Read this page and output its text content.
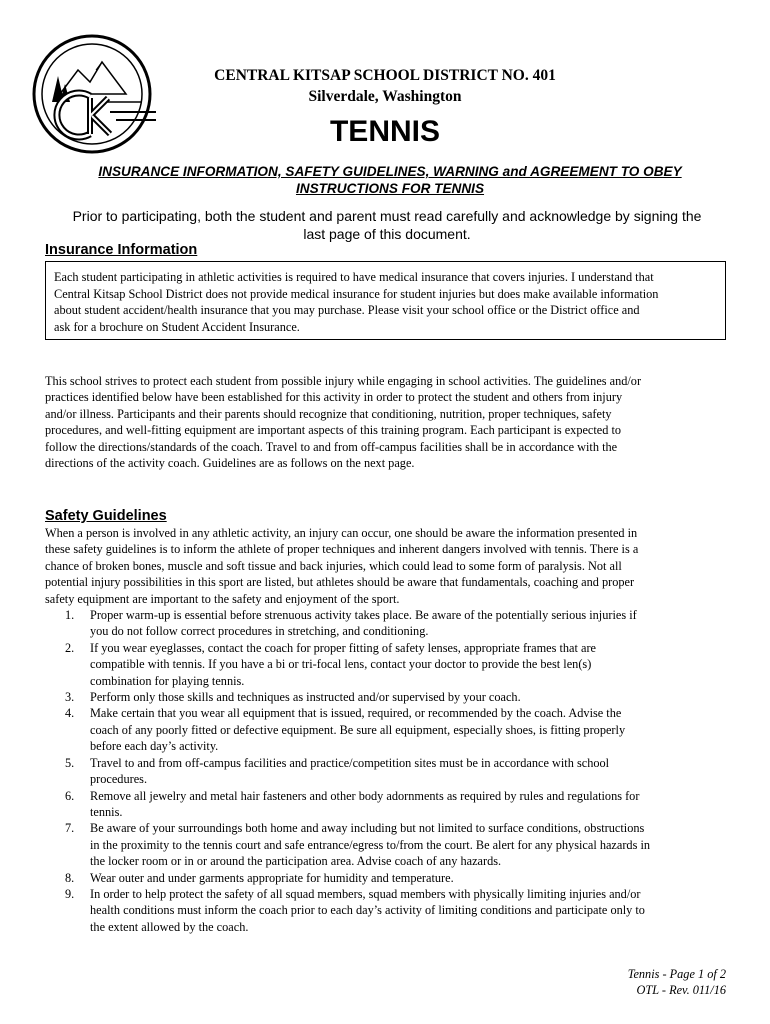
CENTRAL KITSAP SCHOOL DISTRICT NO. 401
Silverdale, Washington
TENNIS
INSURANCE INFORMATION, SAFETY GUIDELINES, WARNING and AGREEMENT TO OBEY
INSTRUCTIONS FOR TENNIS
Prior to participating, both the student and parent must read carefully and acknowledge by signing the
last page of this document.
Insurance Information
Each student participating in athletic activities is required to have medical insurance that covers injuries. I understand that
Central Kitsap School District does not provide medical insurance for student injuries but does make available information
about student accident/health insurance that you may purchase. Please visit your school office or the District office and
ask for a brochure on Student Accident Insurance.
This school strives to protect each student from possible injury while engaging in school activities. The guidelines and/or
practices identified below have been established for this activity in order to protect the student and others from injury
and/or illness. Participants and their parents should recognize that conditioning, nutrition, proper techniques, safety
procedures, and well-fitting equipment are important aspects of this training program. Each participant is expected to
follow the directions/standards of the coach. Travel to and from off-campus facilities shall be in accordance with the
directions of the activity coach. Guidelines are as follows on the next page.
Safety Guidelines
When a person is involved in any athletic activity, an injury can occur, one should be aware the information presented in
these safety guidelines is to inform the athlete of proper techniques and inherent dangers involved with tennis. There is a
chance of broken bones, muscle and soft tissue and back injuries, which could lead to some form of paralysis. Not all
potential injury possibilities in this sport are listed, but athletes should be aware that fundamentals, coaching and proper
safety equipment are important to the safety and enjoyment of the sport.
1. Proper warm-up is essential before strenuous activity takes place. Be aware of the potentially serious injuries if
you do not follow correct procedures in stretching, and conditioning.
2. If you wear eyeglasses, contact the coach for proper fitting of safety lenses, appropriate frames that are
compatible with tennis. If you have a bi or tri-focal lens, contact your doctor to provide the best len(s)
combination for playing tennis.
3. Perform only those skills and techniques as instructed and/or supervised by your coach.
4. Make certain that you wear all equipment that is issued, required, or recommended by the coach. Advise the
coach of any poorly fitted or defective equipment. Be sure all equipment, especially shoes, is fitting properly
before each day’s activity.
5. Travel to and from off-campus facilities and practice/competition sites must be in accordance with school
procedures.
6. Remove all jewelry and metal hair fasteners and other body adornments as required by rules and regulations for
tennis.
7. Be aware of your surroundings both home and away including but not limited to surface conditions, obstructions
in the proximity to the tennis court and safe entrance/egress to/from the court. Be alert for any physical hazards in
the locker room or in or around the participation area. Advise coach of any hazards.
8. Wear outer and under garments appropriate for humidity and temperature.
9. In order to help protect the safety of all squad members, squad members with physically limiting injuries and/or
health conditions must inform the coach prior to each day’s activity of limiting conditions and participate only to
the extent allowed by the coach.
Tennis - Page 1 of 2
OTL - Rev. 011/16
